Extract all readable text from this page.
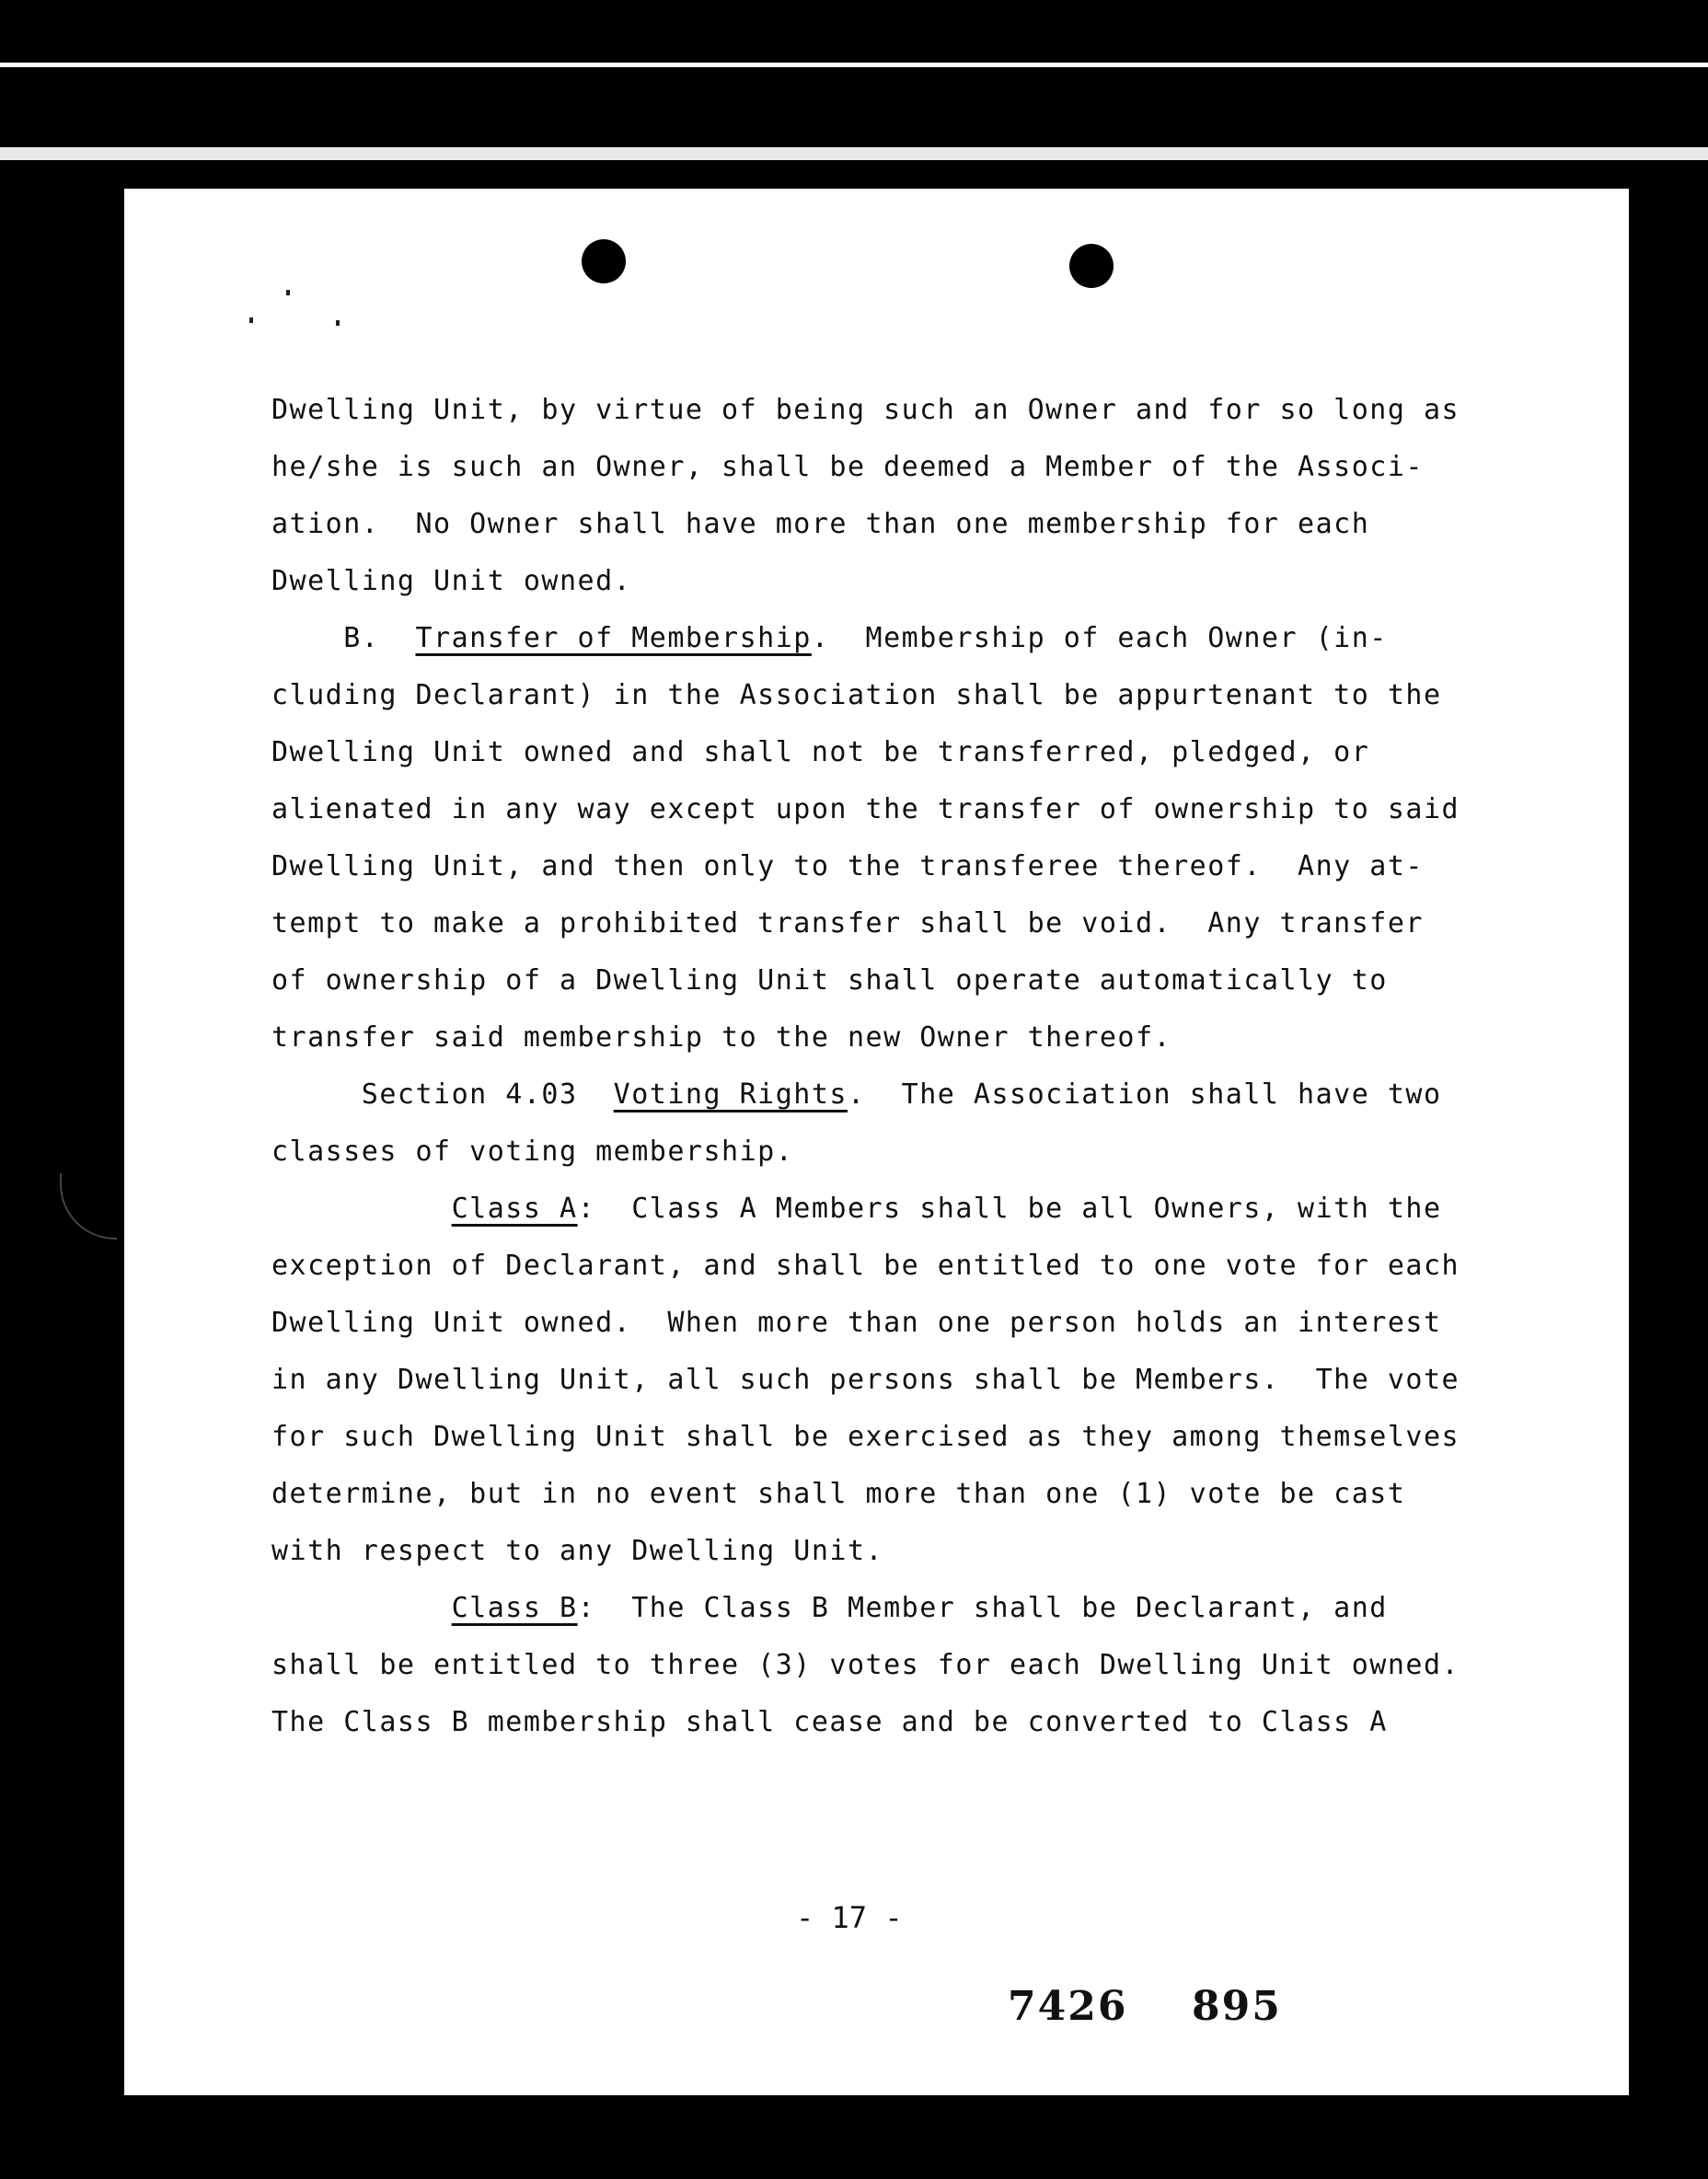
Dwelling Unit, by virtue of being such an Owner and for so long as
he/she is such an Owner, shall be deemed a Member of the Associ-
ation.  No Owner shall have more than one membership for each
Dwelling Unit owned.
B.  Transfer of Membership.  Membership of each Owner (in-
cluding Declarant) in the Association shall be appurtenant to the
Dwelling Unit owned and shall not be transferred, pledged, or
alienated in any way except upon the transfer of ownership to said
Dwelling Unit, and then only to the transferee thereof.  Any at-
tempt to make a prohibited transfer shall be void.  Any transfer
of ownership of a Dwelling Unit shall operate automatically to
transfer said membership to the new Owner thereof.
Section 4.03  Voting Rights.  The Association shall have two
classes of voting membership.
Class A:  Class A Members shall be all Owners, with the
exception of Declarant, and shall be entitled to one vote for each
Dwelling Unit owned.  When more than one person holds an interest
in any Dwelling Unit, all such persons shall be Members.  The vote
for such Dwelling Unit shall be exercised as they among themselves
determine, but in no event shall more than one (1) vote be cast
with respect to any Dwelling Unit.
Class B:  The Class B Member shall be Declarant, and
shall be entitled to three (3) votes for each Dwelling Unit owned.
The Class B membership shall cease and be converted to Class A
- 17 -
7426 895
